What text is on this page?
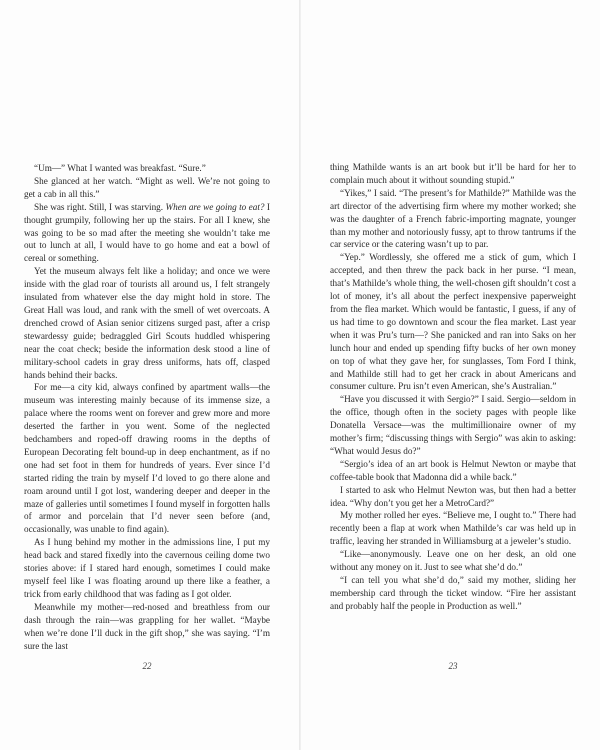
“Um—” What I wanted was breakfast. “Sure.”

She glanced at her watch. “Might as well. We’re not going to get a cab in all this.”

She was right. Still, I was starving. When are we going to eat? I thought grumpily, following her up the stairs. For all I knew, she was going to be so mad after the meeting she wouldn’t take me out to lunch at all, I would have to go home and eat a bowl of cereal or something.

Yet the museum always felt like a holiday; and once we were inside with the glad roar of tourists all around us, I felt strangely insulated from whatever else the day might hold in store. The Great Hall was loud, and rank with the smell of wet overcoats. A drenched crowd of Asian senior citizens surged past, after a crisp stewardessy guide; bedraggled Girl Scouts huddled whispering near the coat check; beside the information desk stood a line of military-school cadets in gray dress uniforms, hats off, clasped hands behind their backs.

For me—a city kid, always confined by apartment walls—the museum was interesting mainly because of its immense size, a palace where the rooms went on forever and grew more and more deserted the farther in you went. Some of the neglected bedchambers and roped-off drawing rooms in the depths of European Decorating felt bound-up in deep enchantment, as if no one had set foot in them for hundreds of years. Ever since I’d started riding the train by myself I’d loved to go there alone and roam around until I got lost, wandering deeper and deeper in the maze of galleries until sometimes I found myself in forgotten halls of armor and porcelain that I’d never seen before (and, occasionally, was unable to find again).

As I hung behind my mother in the admissions line, I put my head back and stared fixedly into the cavernous ceiling dome two stories above: if I stared hard enough, sometimes I could make myself feel like I was floating around up there like a feather, a trick from early childhood that was fading as I got older.

Meanwhile my mother—red-nosed and breathless from our dash through the rain—was grappling for her wallet. “Maybe when we’re done I’ll duck in the gift shop,” she was saying. “I’m sure the last

22

thing Mathilde wants is an art book but it’ll be hard for her to complain much about it without sounding stupid.”

“Yikes,” I said. “The present’s for Mathilde?” Mathilde was the art director of the advertising firm where my mother worked; she was the daughter of a French fabric-importing magnate, younger than my mother and notoriously fussy, apt to throw tantrums if the car service or the catering wasn’t up to par.

“Yep.” Wordlessly, she offered me a stick of gum, which I accepted, and then threw the pack back in her purse. “I mean, that’s Mathilde’s whole thing, the well-chosen gift shouldn’t cost a lot of money, it’s all about the perfect inexpensive paperweight from the flea market. Which would be fantastic, I guess, if any of us had time to go downtown and scour the flea market. Last year when it was Pru’s turn—? She panicked and ran into Saks on her lunch hour and ended up spending fifty bucks of her own money on top of what they gave her, for sunglasses, Tom Ford I think, and Mathilde still had to get her crack in about Americans and consumer culture. Pru isn’t even American, she’s Australian.”

“Have you discussed it with Sergio?” I said. Sergio—seldom in the office, though often in the society pages with people like Donatella Versace—was the multimillionaire owner of my mother’s firm; “discussing things with Sergio” was akin to asking: “What would Jesus do?”

“Sergio’s idea of an art book is Helmut Newton or maybe that coffee-table book that Madonna did a while back.”

I started to ask who Helmut Newton was, but then had a better idea. “Why don’t you get her a MetroCard?”

My mother rolled her eyes. “Believe me, I ought to.” There had recently been a flap at work when Mathilde’s car was held up in traffic, leaving her stranded in Williamsburg at a jeweler’s studio.

“Like—anonymously. Leave one on her desk, an old one without any money on it. Just to see what she’d do.”

“I can tell you what she’d do,” said my mother, sliding her membership card through the ticket window. “Fire her assistant and probably half the people in Production as well.”

23
